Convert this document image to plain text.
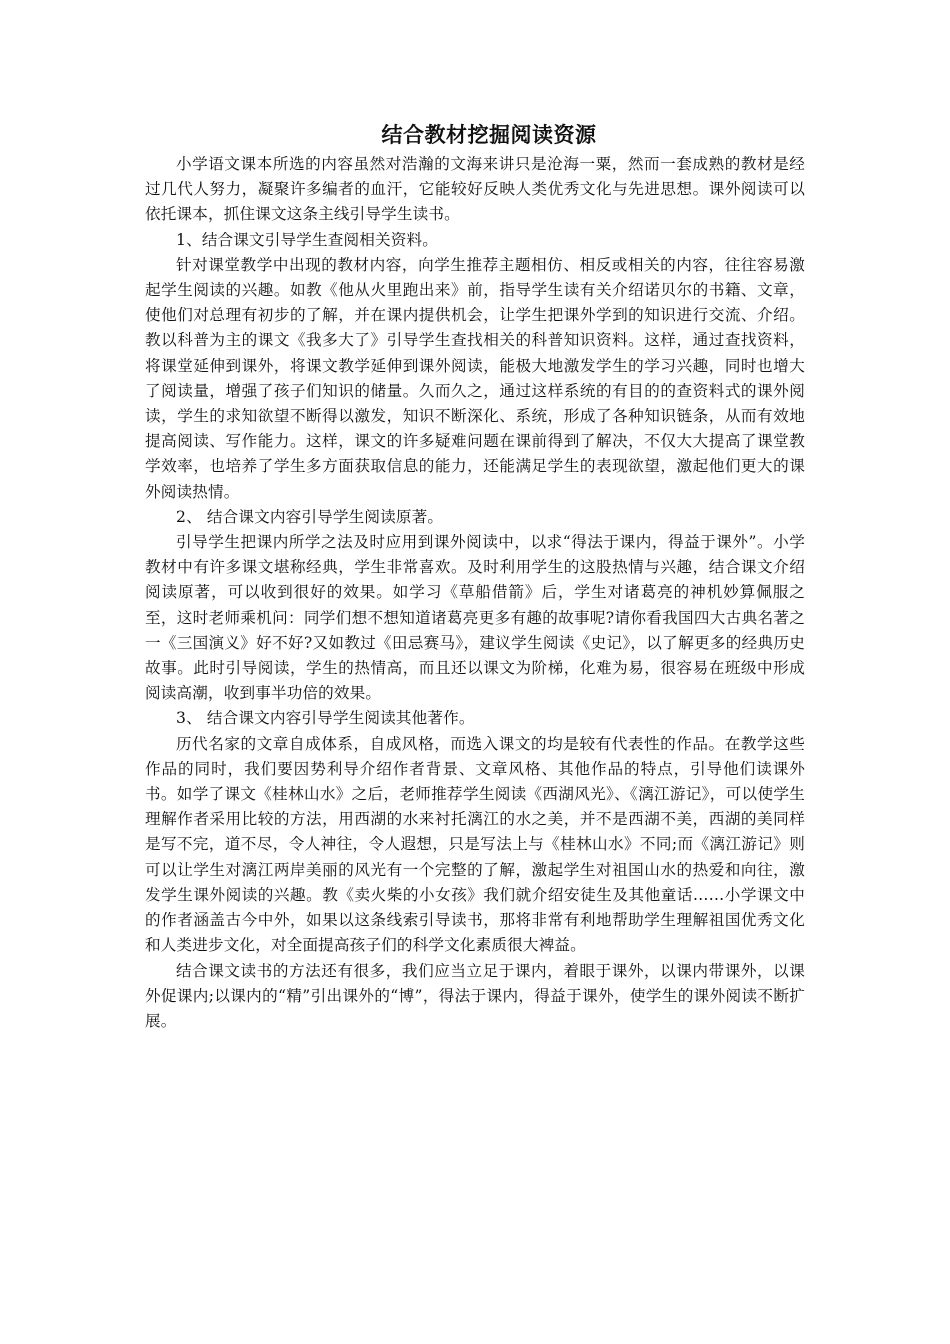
结合教材挖掘阅读资源

小学语文课本所选的内容虽然对浩瀚的文海来讲只是沧海一粟，然而一套成熟的教材是经过几代人努力，凝聚许多编者的血汗，它能较好反映人类优秀文化与先进思想。课外阅读可以依托课本，抓住课文这条主线引导学生读书。

1、结合课文引导学生查阅相关资料。

针对课堂教学中出现的教材内容，向学生推荐主题相仿、相反或相关的内容，往往容易激起学生阅读的兴趣。如教《他从火里跑出来》前，指导学生读有关介绍诺贝尔的书籍、文章，使他们对总理有初步的了解，并在课内提供机会，让学生把课外学到的知识进行交流、介绍。教以科普为主的课文《我多大了》引导学生查找相关的科普知识资料。这样，通过查找资料，将课堂延伸到课外，将课文教学延伸到课外阅读，能极大地激发学生的学习兴趣，同时也增大了阅读量，增强了孩子们知识的储量。久而久之，通过这样系统的有目的的查资料式的课外阅读，学生的求知欲望不断得以激发，知识不断深化、系统，形成了各种知识链条，从而有效地提高阅读、写作能力。这样，课文的许多疑难问题在课前得到了解决，不仅大大提高了课堂教学效率，也培养了学生多方面获取信息的能力，还能满足学生的表现欲望，激起他们更大的课外阅读热情。

2、 结合课文内容引导学生阅读原著。

引导学生把课内所学之法及时应用到课外阅读中，以求“得法于课内，得益于课外”。小学教材中有许多课文堪称经典，学生非常喜欢。及时利用学生的这股热情与兴趣，结合课文介绍阅读原著，可以收到很好的效果。如学习《草船借箭》后，学生对诸葛亮的神机妙算佩服之至，这时老师乘机问：同学们想不想知道诸葛亮更多有趣的故事呢?请你看我国四大古典名著之一《三国演义》好不好?又如教过《田忌赛马》，建议学生阅读《史记》，以了解更多的经典历史故事。此时引导阅读，学生的热情高，而且还以课文为阶梯，化难为易，很容易在班级中形成阅读高潮，收到事半功倍的效果。

3、 结合课文内容引导学生阅读其他著作。

历代名家的文章自成体系，自成风格，而选入课文的均是较有代表性的作品。在教学这些作品的同时，我们要因势利导介绍作者背景、文章风格、其他作品的特点，引导他们读课外书。如学了课文《桂林山水》之后，老师推荐学生阅读《西湖风光》、《漓江游记》，可以使学生理解作者采用比较的方法，用西湖的水来衬托漓江的水之美，并不是西湖不美，西湖的美同样是写不完，道不尽，令人神往，令人遐想，只是写法上与《桂林山水》不同;而《漓江游记》则可以让学生对漓江两岸美丽的风光有一个完整的了解，激起学生对祖国山水的热爱和向往，激发学生课外阅读的兴趣。教《卖火柴的小女孩》我们就介绍安徒生及其他童话……小学课文中的作者涵盖古今中外，如果以这条线索引导读书，那将非常有利地帮助学生理解祖国优秀文化和人类进步文化，对全面提高孩子们的科学文化素质很大裨益。

结合课文读书的方法还有很多，我们应当立足于课内，着眼于课外，以课内带课外，以课外促课内;以课内的“精”引出课外的“博”，得法于课内，得益于课外，使学生的课外阅读不断扩展。
